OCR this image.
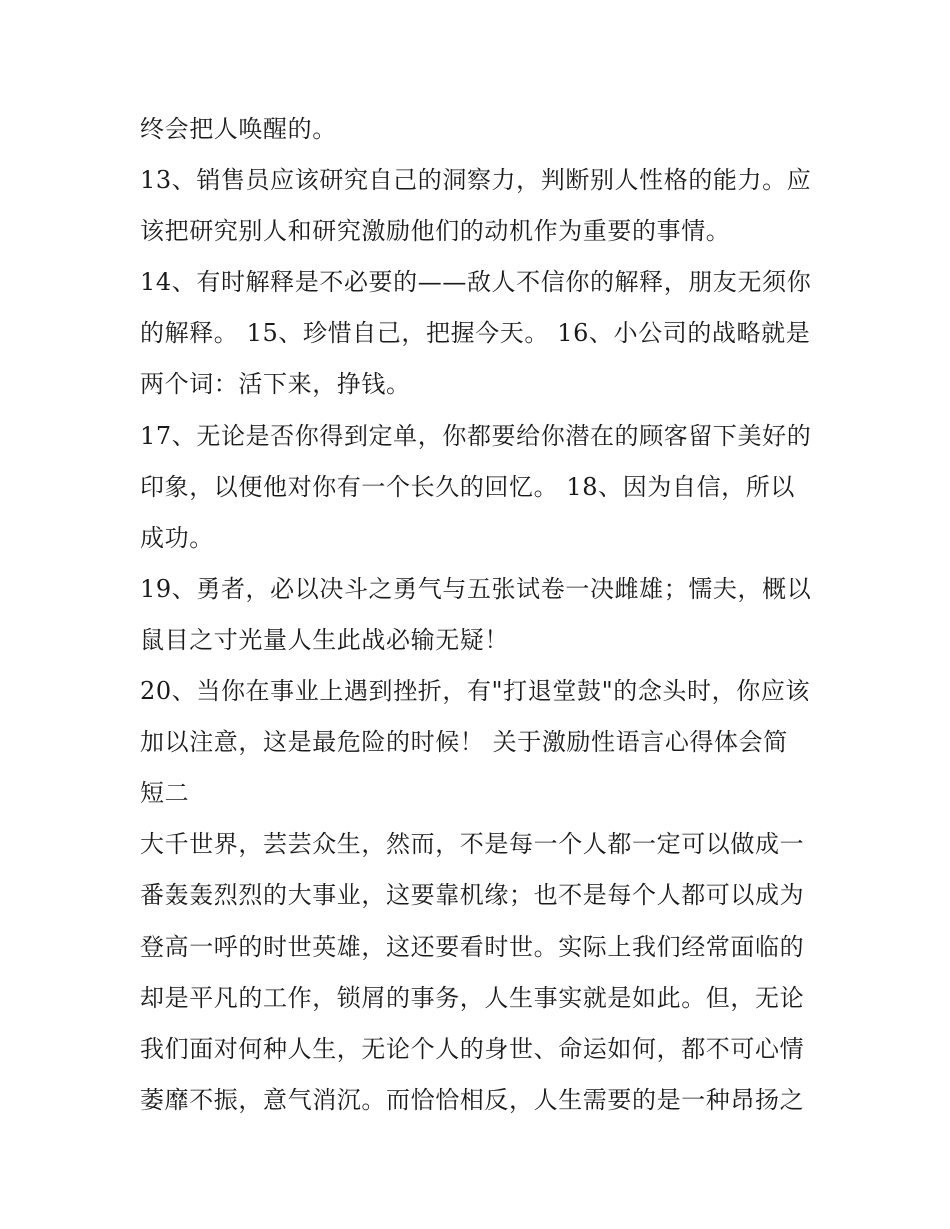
终会把人唤醒的。
13、销售员应该研究自己的洞察力，判断别人性格的能力。应
该把研究别人和研究激励他们的动机作为重要的事情。
14、有时解释是不必要的——敌人不信你的解释，朋友无须你
的解释。 15、珍惜自己，把握今天。 16、小公司的战略就是
两个词：活下来，挣钱。
17、无论是否你得到定单，你都要给你潜在的顾客留下美好的
印象，以便他对你有一个长久的回忆。 18、因为自信，所以
成功。
19、勇者，必以决斗之勇气与五张试卷一决雌雄；懦夫，概以
鼠目之寸光量人生此战必输无疑！
20、当你在事业上遇到挫折，有"打退堂鼓"的念头时，你应该
加以注意，这是最危险的时候！ 关于激励性语言心得体会简
短二
大千世界，芸芸众生，然而，不是每一个人都一定可以做成一
番轰轰烈烈的大事业，这要靠机缘；也不是每个人都可以成为
登高一呼的时世英雄，这还要看时世。实际上我们经常面临的
却是平凡的工作，锁屑的事务，人生事实就是如此。但，无论
我们面对何种人生，无论个人的身世、命运如何，都不可心情
萎靡不振，意气消沉。而恰恰相反，人生需要的是一种昂扬之
